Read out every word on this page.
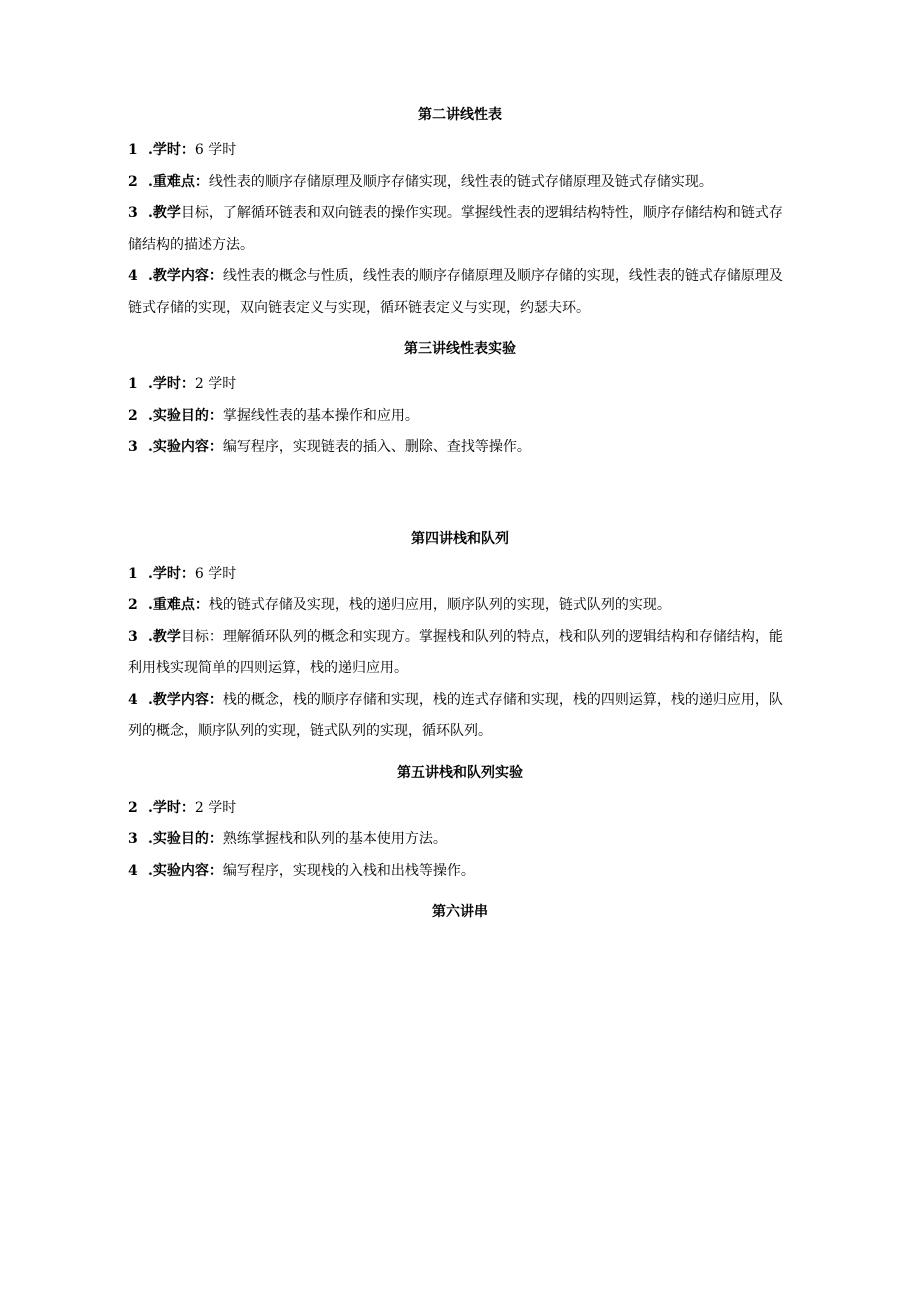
第二讲线性表

1 .学时：6 学时

2 .重难点：线性表的顺序存储原理及顺序存储实现，线性表的链式存储原理及链式存储实现。

3 .教学目标，了解循环链表和双向链表的操作实现。掌握线性表的逻辑结构特性，顺序存储结构和链式存储结构的描述方法。

4 .教学内容：线性表的概念与性质，线性表的顺序存储原理及顺序存储的实现，线性表的链式存储原理及链式存储的实现，双向链表定义与实现，循环链表定义与实现，约瑟夫环。

第三讲线性表实验

1 .学时：2 学时

2 .实验目的：掌握线性表的基本操作和应用。

3 .实验内容：编写程序，实现链表的插入、删除、查找等操作。

第四讲栈和队列

1 .学时：6 学时

2 .重难点：栈的链式存储及实现，栈的递归应用，顺序队列的实现，链式队列的实现。

3 .教学目标：理解循环队列的概念和实现方。掌握栈和队列的特点，栈和队列的逻辑结构和存储结构，能利用栈实现简单的四则运算，栈的递归应用。

4 .教学内容：栈的概念，栈的顺序存储和实现，栈的连式存储和实现，栈的四则运算，栈的递归应用，队列的概念，顺序队列的实现，链式队列的实现，循环队列。

第五讲栈和队列实验

2 .学时：2 学时

3 .实验目的：熟练掌握栈和队列的基本使用方法。

4 .实验内容：编写程序，实现栈的入栈和出栈等操作。

第六讲串
